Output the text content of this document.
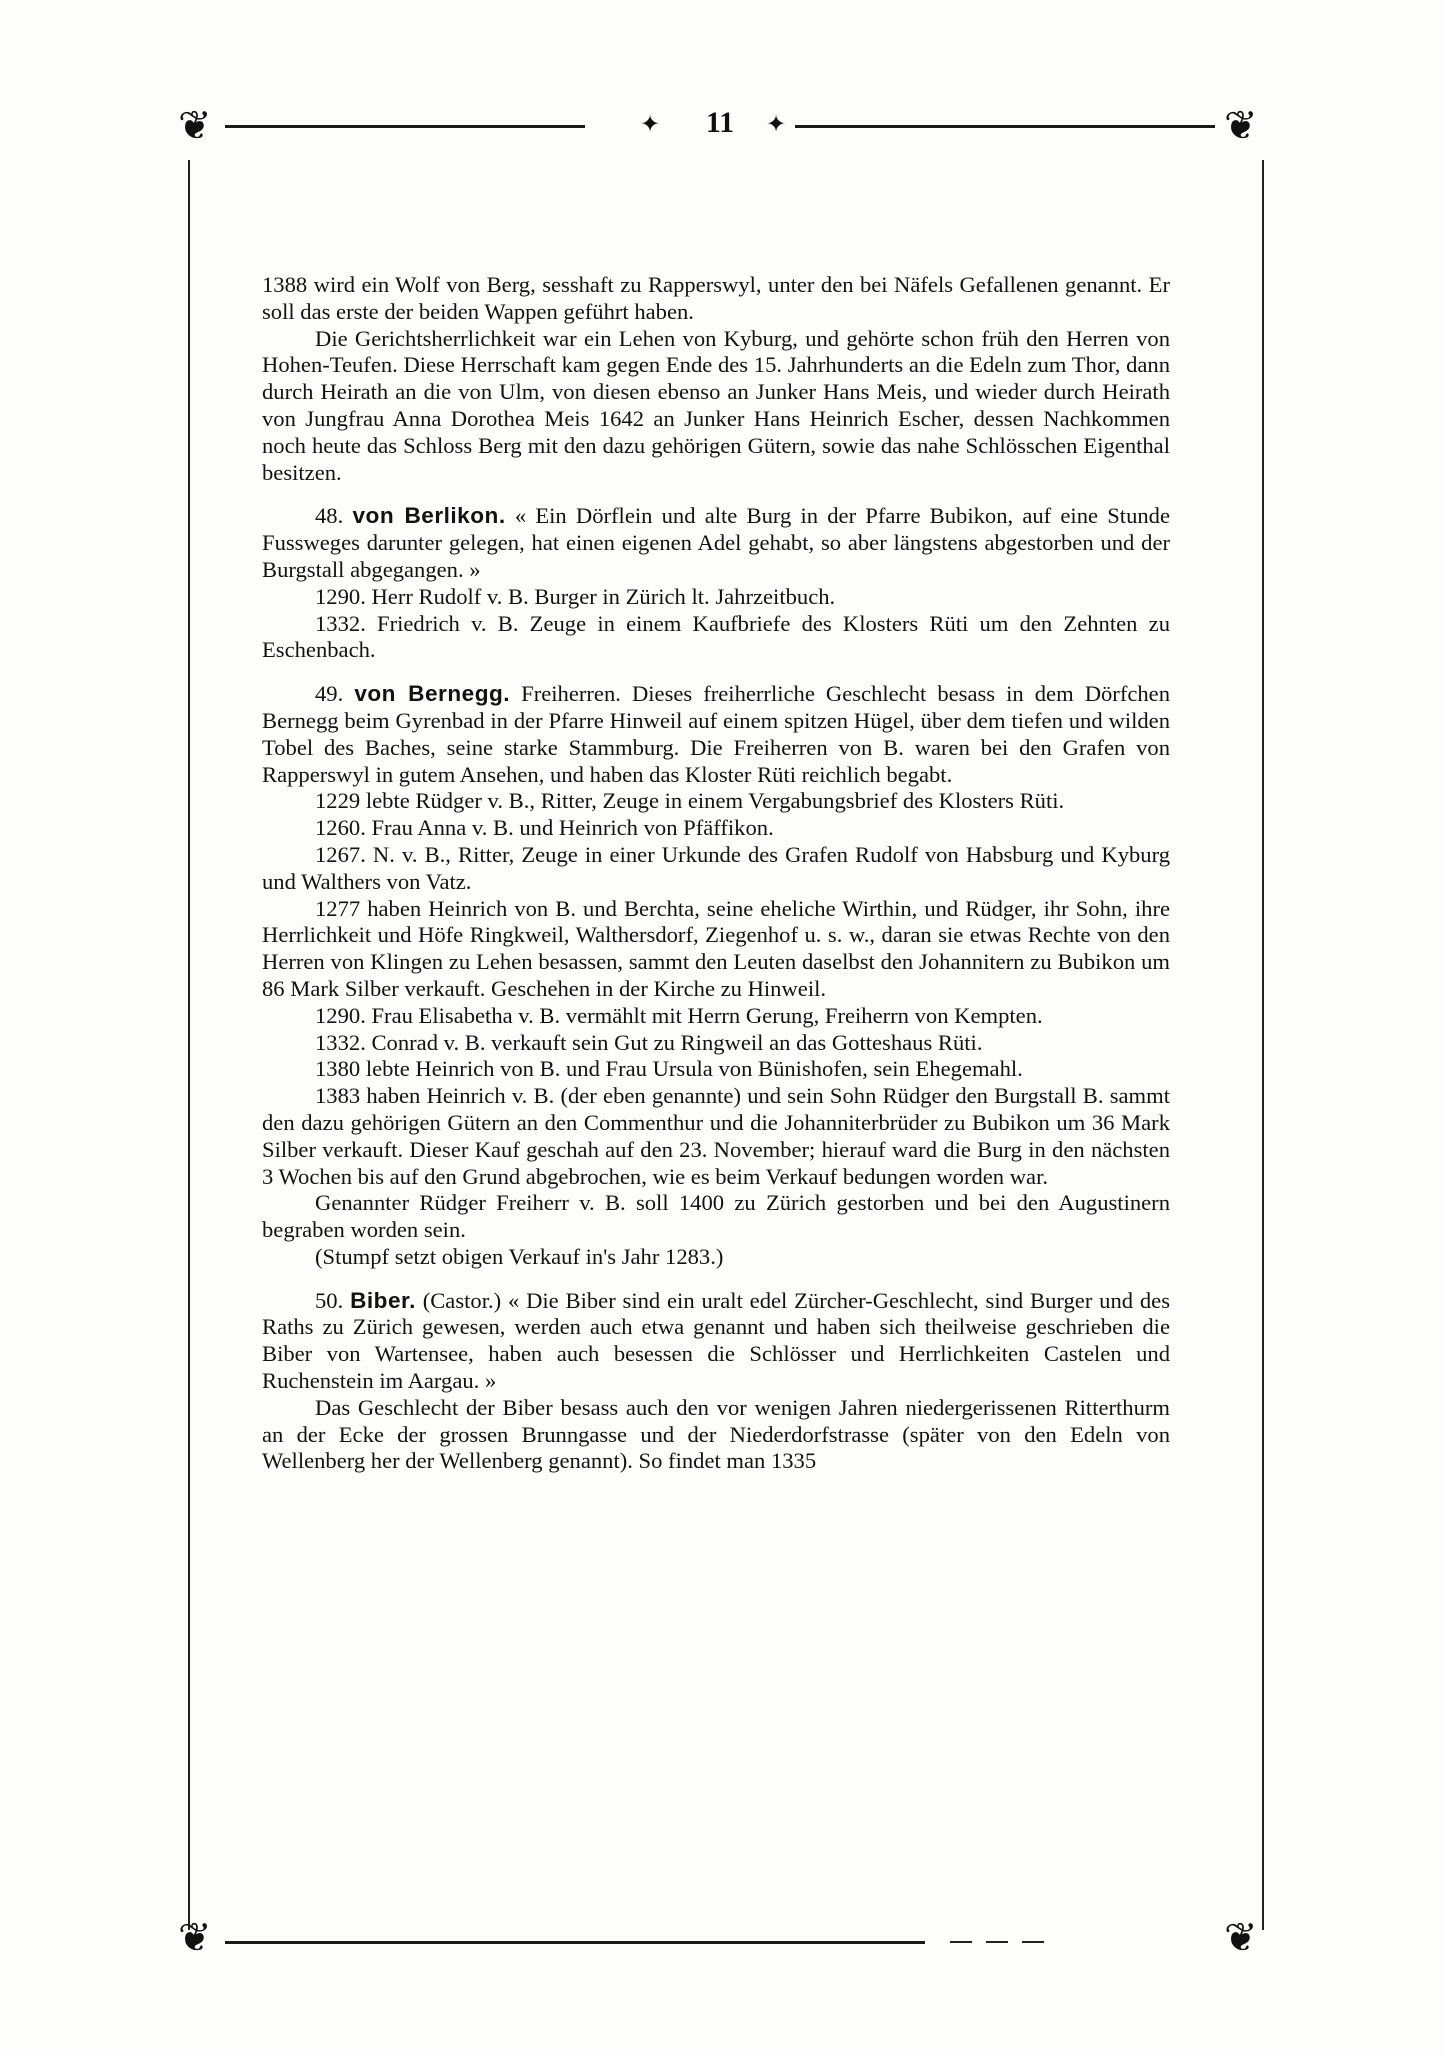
❦	✦	11	✦	❦

1388 wird ein Wolf von Berg, sesshaft zu Rapperswyl, unter den bei Näfels Gefallenen genannt. Er soll das erste der beiden Wappen geführt haben.

Die Gerichtsherrlichkeit war ein Lehen von Kyburg, und gehörte schon früh den Herren von Hohen-Teufen. Diese Herrschaft kam gegen Ende des 15. Jahrhunderts an die Edeln zum Thor, dann durch Heirath an die von Ulm, von diesen ebenso an Junker Hans Meis, und wieder durch Heirath von Jungfrau Anna Dorothea Meis 1642 an Junker Hans Heinrich Escher, dessen Nachkommen noch heute das Schloss Berg mit den dazu gehörigen Gütern, sowie das nahe Schlösschen Eigenthal besitzen.

48. von Berlikon. « Ein Dörflein und alte Burg in der Pfarre Bubikon, auf eine Stunde Fussweges darunter gelegen, hat einen eigenen Adel gehabt, so aber längstens abgestorben und der Burgstall abgegangen. »

1290. Herr Rudolf v. B. Burger in Zürich lt. Jahrzeitbuch.

1332. Friedrich v. B. Zeuge in einem Kaufbriefe des Klosters Rüti um den Zehnten zu Eschenbach.

49. von Bernegg. Freiherren. Dieses freiherrliche Geschlecht besass in dem Dörfchen Bernegg beim Gyrenbad in der Pfarre Hinweil auf einem spitzen Hügel, über dem tiefen und wilden Tobel des Baches, seine starke Stammburg. Die Freiherren von B. waren bei den Grafen von Rapperswyl in gutem Ansehen, und haben das Kloster Rüti reichlich begabt.

1229 lebte Rüdger v. B., Ritter, Zeuge in einem Vergabungsbrief des Klosters Rüti.

1260. Frau Anna v. B. und Heinrich von Pfäffikon.

1267. N. v. B., Ritter, Zeuge in einer Urkunde des Grafen Rudolf von Habsburg und Kyburg und Walthers von Vatz.

1277 haben Heinrich von B. und Berchta, seine eheliche Wirthin, und Rüdger, ihr Sohn, ihre Herrlichkeit und Höfe Ringkweil, Walthersdorf, Ziegenhof u. s. w., daran sie etwas Rechte von den Herren von Klingen zu Lehen besassen, sammt den Leuten daselbst den Johannitern zu Bubikon um 86 Mark Silber verkauft. Geschehen in der Kirche zu Hinweil.

1290. Frau Elisabetha v. B. vermählt mit Herrn Gerung, Freiherrn von Kempten.

1332. Conrad v. B. verkauft sein Gut zu Ringweil an das Gotteshaus Rüti.

1380 lebte Heinrich von B. und Frau Ursula von Bünishofen, sein Ehegemahl.

1383 haben Heinrich v. B. (der eben genannte) und sein Sohn Rüdger den Burgstall B. sammt den dazu gehörigen Gütern an den Commenthur und die Johanniterbrüder zu Bubikon um 36 Mark Silber verkauft. Dieser Kauf geschah auf den 23. November; hierauf ward die Burg in den nächsten 3 Wochen bis auf den Grund abgebrochen, wie es beim Verkauf bedungen worden war.

Genannter Rüdger Freiherr v. B. soll 1400 zu Zürich gestorben und bei den Augustinern begraben worden sein.

(Stumpf setzt obigen Verkauf in's Jahr 1283.)

50. Biber. (Castor.) « Die Biber sind ein uralt edel Zürcher-Geschlecht, sind Burger und des Raths zu Zürich gewesen, werden auch etwa genannt und haben sich theilweise geschrieben die Biber von Wartensee, haben auch besessen die Schlösser und Herrlichkeiten Castelen und Ruchenstein im Aargau. »

Das Geschlecht der Biber besass auch den vor wenigen Jahren niedergerissenen Ritterthurm an der Ecke der grossen Brunngasse und der Niederdorfstrasse (später von den Edeln von Wellenberg her der Wellenberg genannt). So findet man 1335

❦	❦
